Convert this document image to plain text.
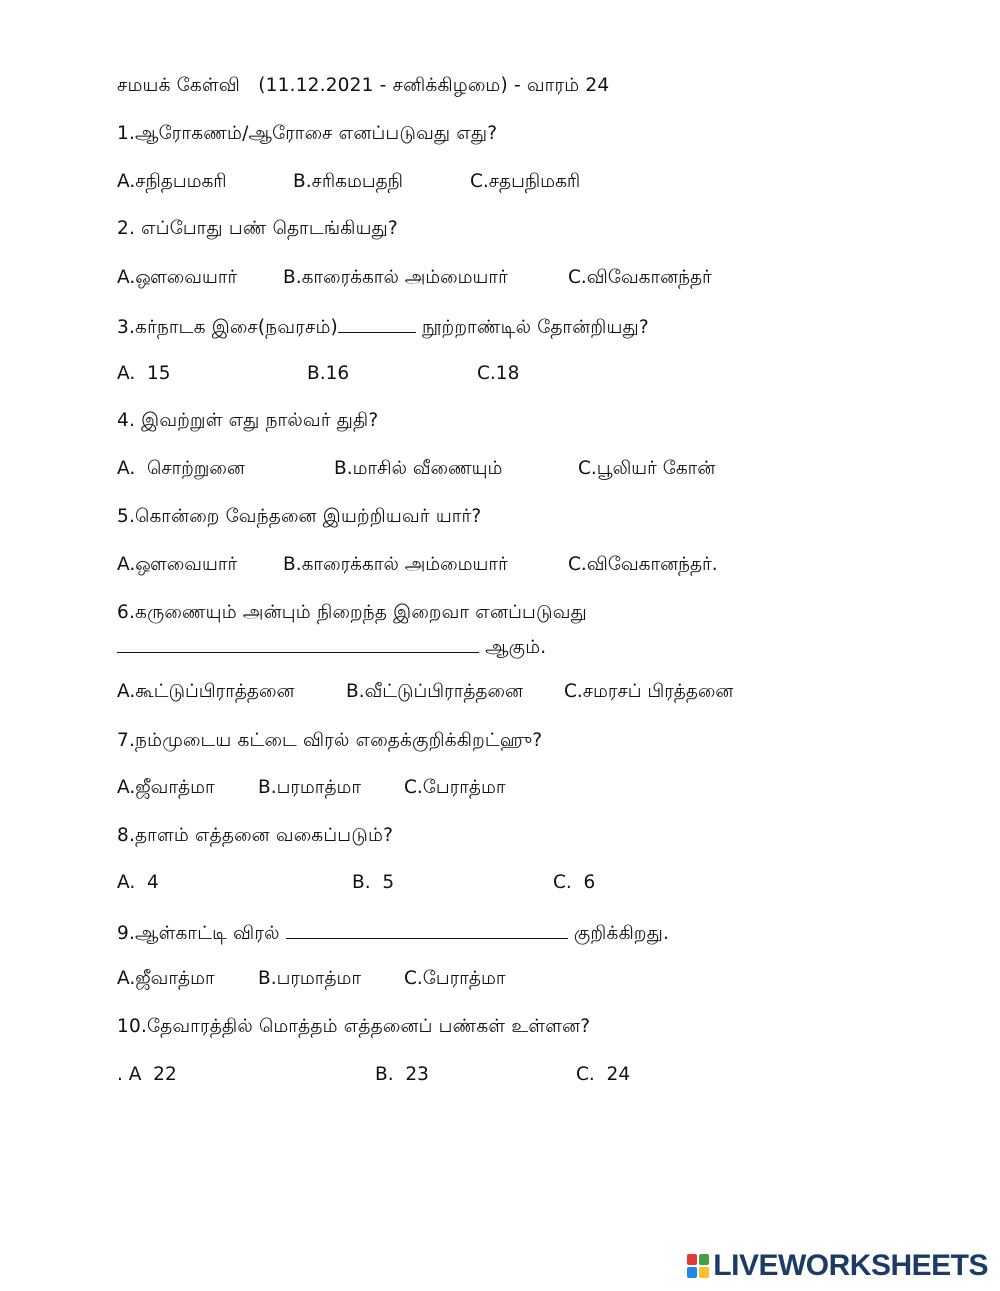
சமயக் கேள்வி   (11.12.2021 - சனிக்கிழமை) - வாரம் 24
1.ஆரோகணம்/ஆரோசை எனப்படுவது எது?
A.சநிதபமகரி	B.சரிகமபதநி	C.சதபநிமகரி
2. எப்போது பண் தொடங்கியது?
A.ஔவையார் B.காரைக்கால் அம்மையார்	C.விவேகானந்தர்
3.கர்நாடக இசை(நவரசம்)	நூற்றாண்டில் தோன்றியது?
A.  15	B.16	C.18
4. இவற்றுள் எது நால்வர் துதி?
A.  சொற்றுனை	B.மாசில் வீணையும்	C.பூலியர் கோன்
5.கொன்றை வேந்தனை இயற்றியவர் யார்?
A.ஔவையார் B.காரைக்கால் அம்மையார்	C.விவேகானந்தர்.
6.கருணையும் அன்பும் நிறைந்த இறைவா எனப்படுவது
ஆகும்.
A.கூட்டுப்பிராத்தனை	B.வீட்டுப்பிராத்தனை C.சமரசப் பிரத்தனை
7.நம்முடைய கட்டை விரல் எதைக்குறிக்கிறட்ஹு?
A.ஜீவாத்மா B.பரமாத்மா C.பேராத்மா
8.தாளம் எத்தனை வகைப்படும்?
A.  4	B.  5	C.  6
9.ஆள்காட்டி விரல்	குறிக்கிறது.
A.ஜீவாத்மா B.பரமாத்மா C.பேராத்மா
10.தேவாரத்தில் மொத்தம் எத்தனைப் பண்கள் உள்ளன?
. A  22	B.  23	C.  24
LIVEWORKSHEETS
